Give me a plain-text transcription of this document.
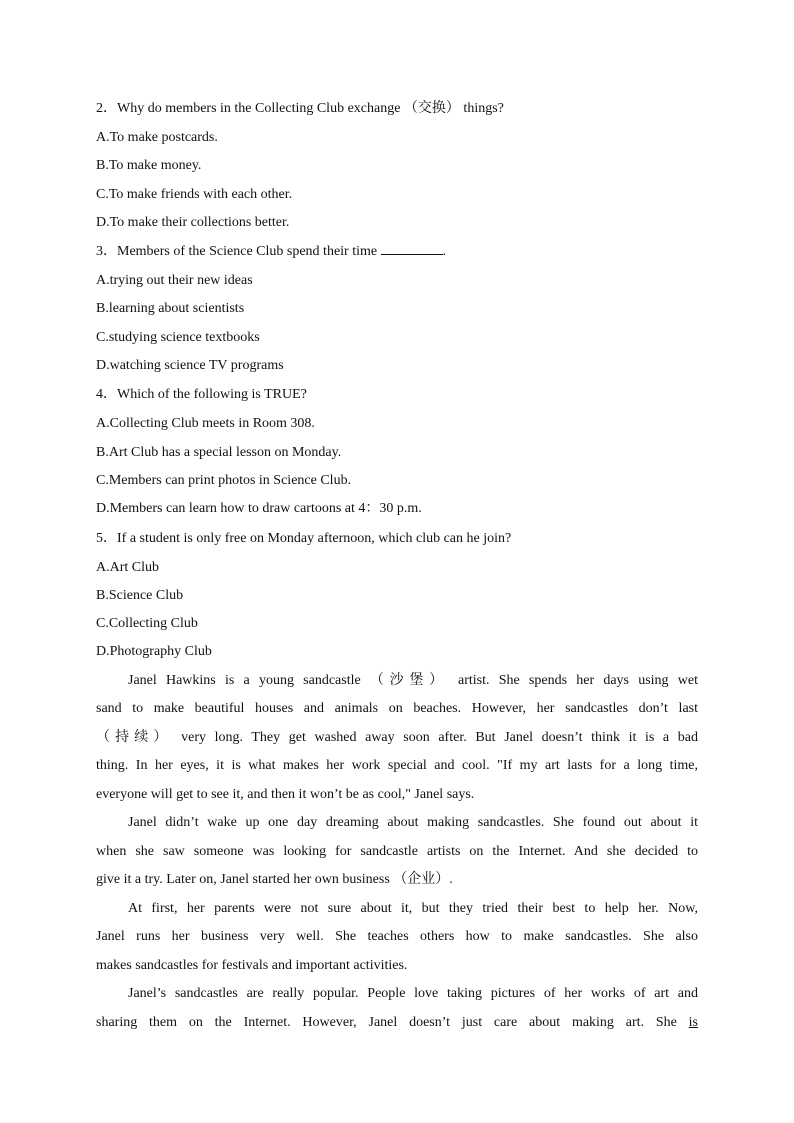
2．Why do members in the Collecting Club exchange （交换） things?
A.To make postcards.
B.To make money.
C.To make friends with each other.
D.To make their collections better.
3．Members of the Science Club spend their time	.
A.trying out their new ideas
B.learning about scientists
C.studying science textbooks
D.watching science TV programs
4．Which of the following is TRUE?
A.Collecting Club meets in Room 308.
B.Art Club has a special lesson on Monday.
C.Members can print photos in Science Club.
D.Members can learn how to draw cartoons at 4：30 p.m.
5．If a student is only free on Monday afternoon, which club can he join?
A.Art Club
B.Science Club
C.Collecting Club
D.Photography Club
Janel Hawkins is a young sandcastle （沙堡） artist. She spends her days using wet
sand to make beautiful houses and animals on beaches. However, her sandcastles don’t last
（持续） very long. They get washed away soon after. But Janel doesn’t think it is a bad
thing. In her eyes, it is what makes her work special and cool. "If my art lasts for a long time,
everyone will get to see it, and then it won’t be as cool," Janel says.
Janel didn’t wake up one day dreaming about making sandcastles. She found out about it
when she saw someone was looking for sandcastle artists on the Internet. And she decided to
give it a try. Later on, Janel started her own business （企业）.
At first, her parents were not sure about it, but they tried their best to help her. Now,
Janel runs her business very well. She teaches others how to make sandcastles. She also
makes sandcastles for festivals and important activities.
Janel’s sandcastles are really popular. People love taking pictures of her works of art and
sharing them on the Internet. However, Janel doesn’t just care about making art. She is
